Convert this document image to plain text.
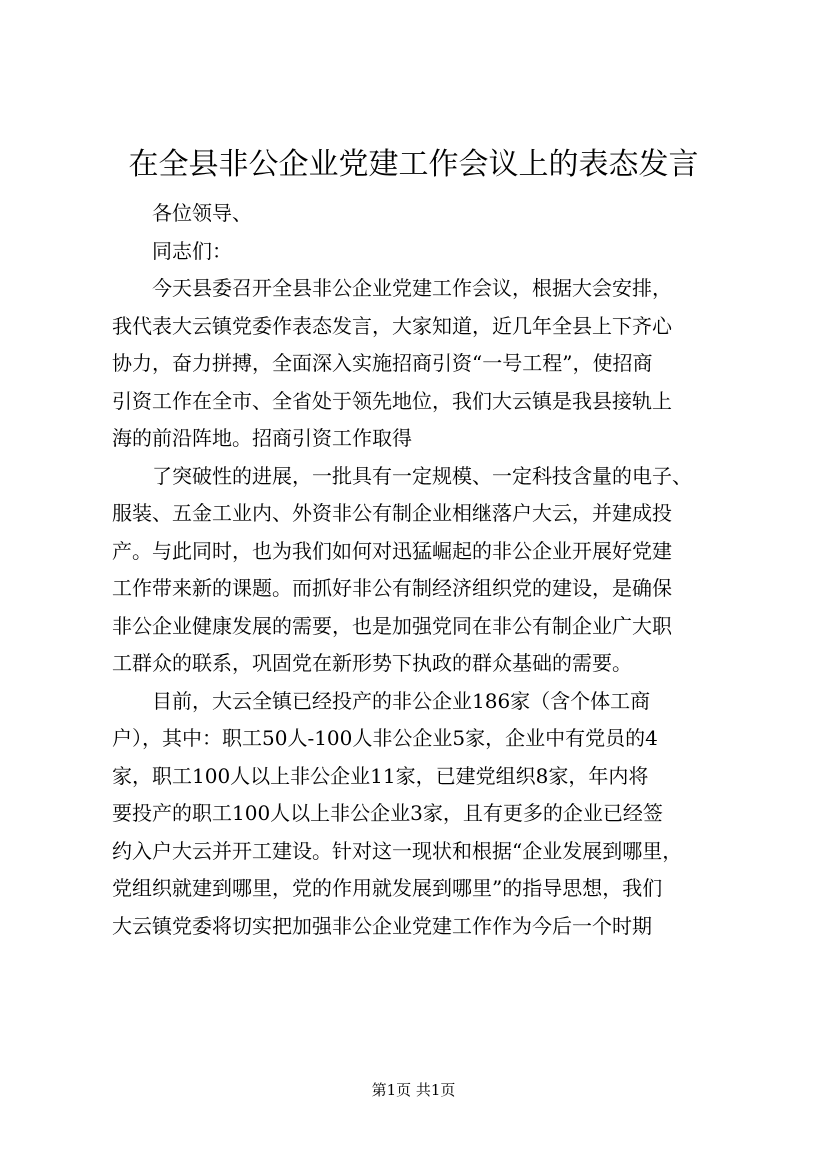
在全县非公企业党建工作会议上的表态发言
各位领导、
同志们：
今天县委召开全县非公企业党建工作会议，根据大会安排，
我代表大云镇党委作表态发言，大家知道，近几年全县上下齐心
协力，奋力拼搏，全面深入实施招商引资“一号工程”，使招商
引资工作在全市、全省处于领先地位，我们大云镇是我县接轨上
海的前沿阵地。招商引资工作取得
了突破性的进展，一批具有一定规模、一定科技含量的电子、
服装、五金工业内、外资非公有制企业相继落户大云，并建成投
产。与此同时，也为我们如何对迅猛崛起的非公企业开展好党建
工作带来新的课题。而抓好非公有制经济组织党的建设，是确保
非公企业健康发展的需要，也是加强党同在非公有制企业广大职
工群众的联系，巩固党在新形势下执政的群众基础的需要。
目前，大云全镇已经投产的非公企业186家（含个体工商
户），其中：职工50人-100人非公企业5家，企业中有党员的4
家，职工100人以上非公企业11家，已建党组织8家，年内将
要投产的职工100人以上非公企业3家，且有更多的企业已经签
约入户大云并开工建设。针对这一现状和根据“企业发展到哪里，
党组织就建到哪里，党的作用就发展到哪里”的指导思想，我们
大云镇党委将切实把加强非公企业党建工作作为今后一个时期
第1页 共1页
